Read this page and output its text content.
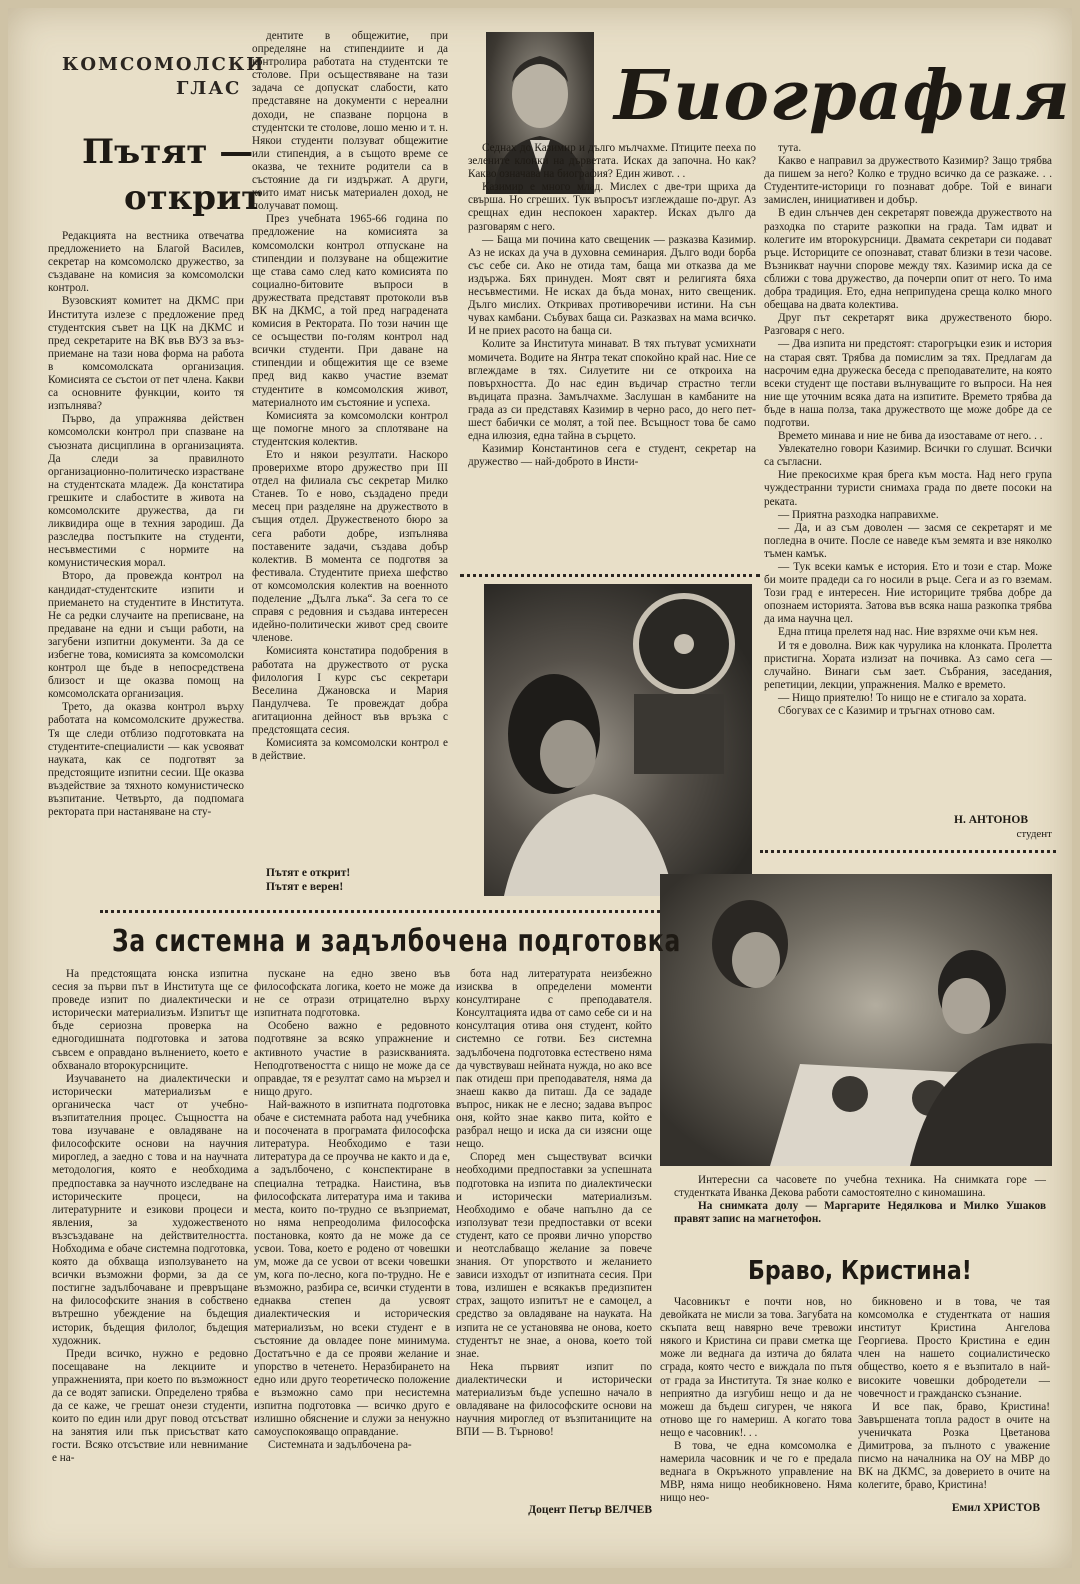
КОМСОМОЛСКИ
ГЛАС
Пътят —
открит

Редакцията на вестника отвечатва предложението на Благой Василев, секретар на комсомолско дружество, за създаване на комисия за комсомолски контрол.

Вузовският комитет на ДКМС при Института излезе с предложение пред студентския съвет на ЦК на ДКМС и пред секретарите на ВК във ВУЗ за възприемане на тази нова форма на работа в комсомолската организация. Комисията се състои от пет члена. Какви са основните функции, които тя изпълнява?

Първо, да упражнява действен комсомолски контрол при спазване на съюзната дисциплина в организацията. Да следи за правилното организационно-политическо израстване на студентската младеж. Да констатира грешките и слабостите в живота на комсомолските дружества, да ги ликвидира още в техния зародиш. Да разследва постъпките на студенти, несъвместими с нормите на комунистическия морал.

Второ, да провежда контрол на кандидат-студентските изпити и приемането на студентите в Института. Не са редки случаите на преписване, на предаване на едни и същи работи, на загубени изпитни документи. За да се избегне това, комисията за комсомолски контрол ще бъде в непосредствена близост и ще оказва помощ на комсомолската организация.

Трето, да оказва контрол върху работата на комсомолските дружества. Тя ще следи отблизо подготовката на студентите-специалисти — как усвояват науката, как се подготвят за предстоящите изпитни сесии. Ще оказва въздействие за тяхното комунистическо възпитание. Четвърто, да подпомага ректората при настаняване на сту-

дентите в общежитие, при определяне на стипендиите и да контролира работата на студентски те столове. При осъществяване на тази задача се допускат слабости, като представяне на документи с нереални доходи, не спазване порцона в студентски те столове, лошо меню и т. н. Някои студенти ползуват общежитие или стипендия, а в същото време се оказва, че техните родители са в състояние да ги издържат. А други, които имат нисък материален доход, не получават помощ.

През учебната 1965-66 година по предложение на комисията за комсомолски контрол отпускане на стипендии и ползуване на общежитие ще става само след като комисията по социално-битовите въпроси в дружествата представят протоколи във ВК на ДКМС, а той пред наградената комисия в Ректората. По този начин ще се осъществи по-голям контрол над всички студенти. При даване на стипендии и общежития ще се взeме пред вид какво участие вземат студентите в комсомолския живот, материалното им състояние и успеха.

Комисията за комсомолски контрол ще помогне много за сплотяване на студентския колектив.

Ето и някои резултати. Наскоро проверихме второ дружество при III отдел на филиала със секретар Милко Станев. То е ново, създадено преди месец при разделяне на дружеството в същия отдел. Дружественото бюро за сега работи добре, изпълнява поставените задачи, създава добър колектив. В момента се подготвя за фестивала. Студентите приеха шефство от комсомолския колектив на военното поделение „Дълга лъка“. За сега то се справя с редовния и създава интересен идейно-политически живот сред своите членове.

Комисията констатира подобрения в работата на дружеството от руска филология I курс със секретари Веселина Джановска и Мария Пандулчева. Те провеждат добра агитационна дейност във връзка с предстоящата сесия.

Комисията за комсомолски контрол е в действие.

Пътят е открит!
Пътят е верен!
Биография

Седнах до Казимир и дълго мълчахме. Птиците пееха по зелените клонки на дърветата. Исках да започна. Но как? Какво означава на биография? Един живот. . .

Казимир е много млад. Мислех с две-три щриха да свърша. Но сгреших. Тук въпросът изглеждаше по-друг. Аз срещнах един неспокоен характер. Исках дълго да разговарям с него.

— Баща ми почина като свещеник — разказва Казимир. Аз не исках да уча в духовна семинария. Дълго води борба със себе си. Ако не отида там, баща ми отказва да ме издържа. Бях принуден. Моят свят и религията бяха несъвместими. Не исках да бъда монах, нито свещеник. Дълго мислих. Откривах противоречиви истини. На сън чувах камбани. Събувах баща си. Разказвах на мама всичко. И не приех расото на баща си.

Колите за Института минават. В тях пътуват усмихнати момичета. Водите на Янтра текат спокойно край нас. Ние се вглеждаме в тях. Силуетите ни се откроиха на повърхността. До нас един въдичар страстно тегли въдицата празна. Замълчахме. Заслушан в камбаните на града аз си представях Казимир в черно расо, до него пет-шест бабички се молят, а той пее. Всъщност това бе само една илюзия, една тайна в сърцето.

Казимир Константинов сега е студент, секретар на дружество — най-доброто в Инсти-

тута.

Какво е направил за дружеството Казимир? Защо трябва да пишем за него? Колко е трудно всичко да се разкаже. . . Студентите-историци го познават добре. Той е винаги замислен, инициативен и добър.

В един слънчев ден секретарят повежда дружеството на разходка по старите разкопки на града. Там идват и колегите им второкурсници. Двамата секретари си подават ръце. Историците се опознават, стават близки в тези часове. Възникват научни спорове между тях. Казимир иска да се сближи с това дружество, да почерпи опит от него. То има добра традиция. Ето, една неприпудена среща колко много обещава на двата колектива.

Друг път секретарят вика дружественото бюро. Разговаря с него.

— Два изпита ни предстоят: старогръцки език и история на старая свят. Трябва да помислим за тях. Предлагам да насрочим една дружеска беседа с преподавателите, на която всеки студент ще постави вълнуващите го въпроси. На нея ние ще уточним всяка дата на изпитите. Времето трябва да бъде в наша полза, така дружеството ще може добре да се подготви.

Времето минава и ние не бива да изоставаме от него. . .

Увлекателно говори Казимир. Всички го слушат. Всички са съгласни.

Ние прекосихме края брега към моста. Над него група чуждестранни туристи снимаха града по двете посоки на реката.

— Приятна разходка направихме.

— Да, и аз съм доволен — засмя се секретарят и ме погледна в очите. После се наведе към земята и взе няколко тъмен камък.

— Тук всеки камък е история. Ето и този е стар. Може би моите прадеди са го носили в ръце. Сега и аз го вземам. Този град е интересен. Ние историците трябва добре да опознаем историята. Затова във всяка наша разкопка трябва да има научна цел.

Една птица прелетя над нас. Ние взряхме очи към нея.

И тя е доволна. Виж как чурулика на клонката. Пролетта пристигна. Хората излизат на почивка. Аз само сега — случайно. Винаги съм зает. Събрания, заседания, репетиции, лекции, упражнения. Малко е времето.

— Нищо приятелю! То нищо не е стигало за хората.

Сбогувах се с Казимир и тръгнах отново сам.

Н. АНТОНОВ
студент
Интересни са часовете по учебна техника. На снимката горе — студентката Иванка Декова работи самостоятелно с киномашина.
На снимката долу — Маргарите Недялкова и Милко Ушаков правят запис на магнетофон.
За системна и задълбочена подготовка

На предстоящата юнска изпитна сесия за първи път в Института ще се проведе изпит по диалектически и исторически материализъм. Изпитът ще бъде сериозна проверка на едногодишната подготовка и затова съвсем е оправдано вълнението, което е обхванало второкурсниците.

Изучаването на диалектически и исторически материализъм е органическа част от учебно-възпитателния процес. Същността на това изучаване е овладяване на философските основи на научния мироглед, а заедно с това и на научната методология, която е необходима предпоставка за научното изследване на историческите процеси, на литературните и езикови процеси и явления, за художественото възсъздаване на действителността. Нобходима е обаче системна подготовка, която да обхваща използуването на всички възможни форми, за да се постигне задълбочаване и превръщане на философските знания в собствено вътрешно убеждение на бъдещия историк, бъдещия филолог, бъдещия художник.

Преди всичко, нужно е редовно посещаване на лекциите и упражненията, при което по възможност да се водят записки. Определено трябва да се каже, че грешат онези студенти, които по един или друг повод отсъстват на занятия или пък присъстват като гости. Всяко отсъствие или невнимание е на-

пускане на едно звено във философската логика, което не може да не се отрази отрицателно върху изпитната подготовка.

Особено важно е редовното подготвяне за всяко упражнение и активното участие в разискванията. Неподготвеността с нищо не може да се оправдае, тя е резултат само на мързел и нищо друго.

Най-важното в изпитната подготовка обаче е системната работа над учебника и посочената в програмата философска литература. Необходимо е тази литература да се проучва не както и да е, а задълбочено, с конспектиране в специална тетрадка. Наистина, във философската литература има и такива места, които по-трудно се възприемат, но няма непреодолима философска постановка, която да не може да се усвои. Това, което е родено от човешки ум, може да се усвои от всеки човешки ум, кога по-лесно, кога по-трудно. Не е възможно, разбира се, всички студенти в еднаква степен да усвоят диалектическия и историческия материализъм, но всеки студент е в състояние да овладее поне минимума. Достатъчно е да се прояви желание и упорство в четенето. Неразбирането на едно или друго теоретическо положение е възможно само при несистемна изпитна подготовка — всичко друго е излишно обяснение и служи за ненужно самоуспокояващо оправдание.

Системната и задълбочена ра-

бота над литературата неизбежно изисква в определени моменти консултиране с преподавателя. Консултацията идва от само себе си и на консултация отива оня студент, който системно се готви. Без системна задълбочена подготовка естествено няма да чувствуваш нейната нужда, но ако все пак отидеш при преподавателя, няма да знаеш какво да питаш. Да се зададе въпрос, никак не е лесно; задава въпрос оня, който знае какво пита, който е разбрал нещо и иска да си изясни още нещо.

Според мен съществуват всички необходими предпоставки за успешната подготовка на изпита по диалектически и исторически материализъм. Необходимо е обаче напълно да се използуват тези предпоставки от всеки студент, като се прояви лично упорство и неотслабващо желание за повече знания. От упорството и желанието зависи изходът от изпитната сесия. При това, излишен е всякакъв предизпитен страх, защото изпитът не е самоцел, а средство за овладяване на науката. На изпита не се установява не онова, което студентът не знае, а онова, което той знае.

Нека първият изпит по диалектически и исторически материализъм бъде успешно начало в овладяване на философските основи на научния мироглед от възпитаниците на ВПИ — В. Търново!

Доцент Петър ВЕЛЧЕВ
Браво, Кристина!

Часовникът е почти нов, но девойката не мисли за това. Загубата на скъпата вещ навярно вече тревожи някого и Кристина си прави сметка ще може ли веднага да изтича до бялата сграда, която често е виждала по пътя от града за Института. Тя знае колко е неприятно да изгубиш нещо и да не можеш да бъдеш сигурен, че някога отново ще го намериш. А когато това нещо е часовник!. . .

В това, че една комсомолка е намерила часовник и че го е предала веднага в Окръжното управление на МВР, няма нищо необикновено. Няма нищо нео-

бикновено и в това, че тая комсомолка е студентката от нашия институт Кристина Ангелова Георгиева. Просто Кристина е един член на нашето социалистическо общество, което я е възпитало в най-високите човешки добродетели — човечност и гражданско съзнание.

И все пак, браво, Кристина! Завършената топла радост в очите на ученичката Розка Цветанова Димитрова, за пълното с уважение писмо на началника на ОУ на МВР до ВК на ДКМС, за доверието в очите на колегите, браво, Кристина!

Емил ХРИСТОВ
